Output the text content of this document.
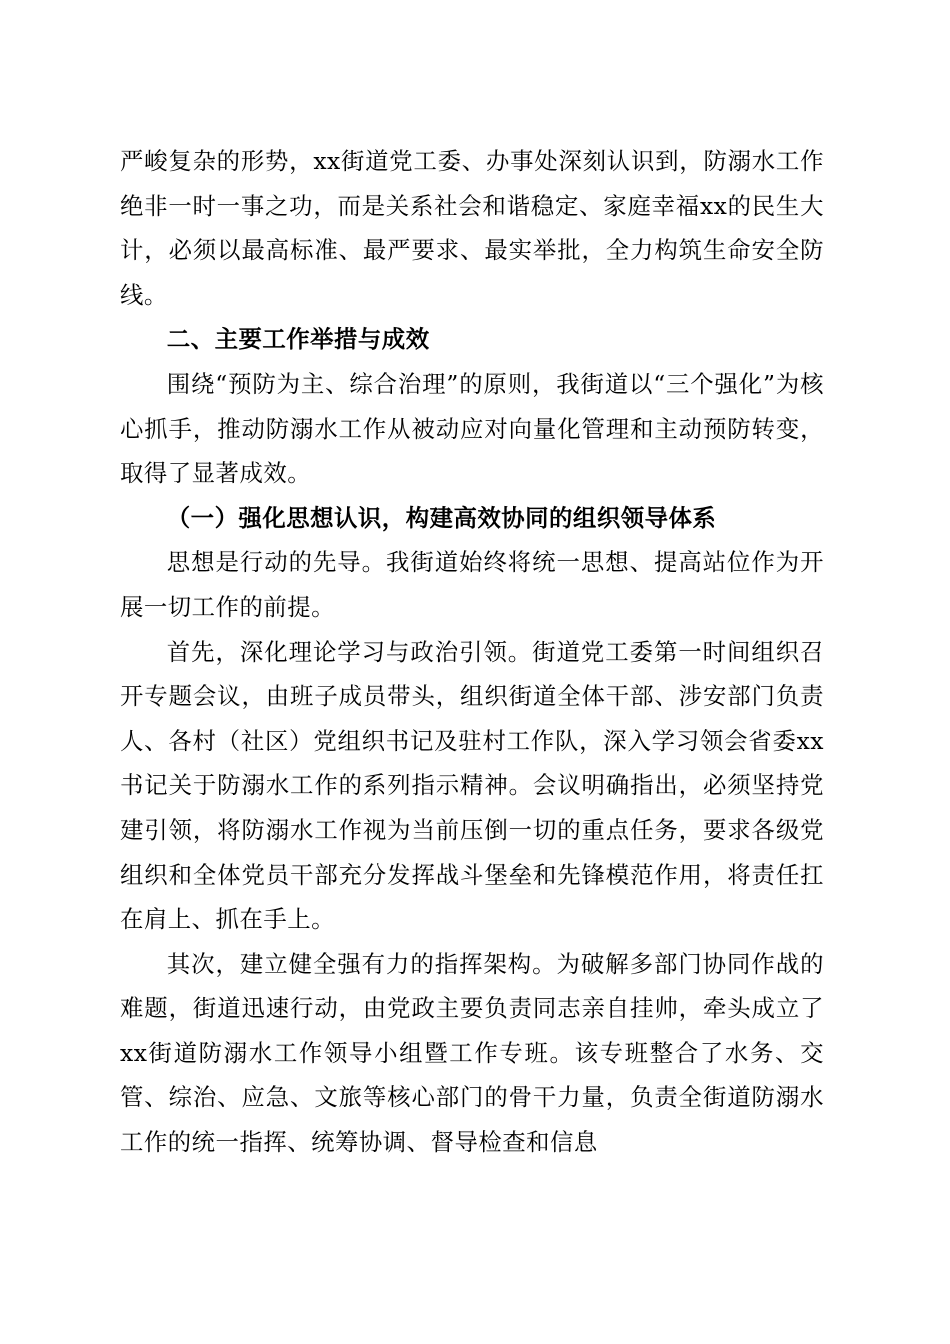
严峻复杂的形势，xx街道党工委、办事处深刻认识到，防溺水工作绝非一时一事之功，而是关系社会和谐稳定、家庭幸福xx的民生大计，必须以最高标准、最严要求、最实举批，全力构筑生命安全防线。

二、主要工作举措与成效

围绕“预防为主、综合治理”的原则，我街道以“三个强化”为核心抓手，推动防溺水工作从被动应对向量化管理和主动预防转变，取得了显著成效。

（一）强化思想认识，构建高效协同的组织领导体系

思想是行动的先导。我街道始终将统一思想、提高站位作为开展一切工作的前提。

首先，深化理论学习与政治引领。街道党工委第一时间组织召开专题会议，由班子成员带头，组织街道全体干部、涉安部门负责人、各村（社区）党组织书记及驻村工作队，深入学习领会省委xx书记关于防溺水工作的系列指示精神。会议明确指出，必须坚持党建引领，将防溺水工作视为当前压倒一切的重点任务，要求各级党组织和全体党员干部充分发挥战斗堡垒和先锋模范作用，将责任扛在肩上、抓在手上。

其次，建立健全强有力的指挥架构。为破解多部门协同作战的难题，街道迅速行动，由党政主要负责同志亲自挂帅，牵头成立了xx街道防溺水工作领导小组暨工作专班。该专班整合了水务、交管、综治、应急、文旅等核心部门的骨干力量，负责全街道防溺水工作的统一指挥、统筹协调、督导检查和信息
